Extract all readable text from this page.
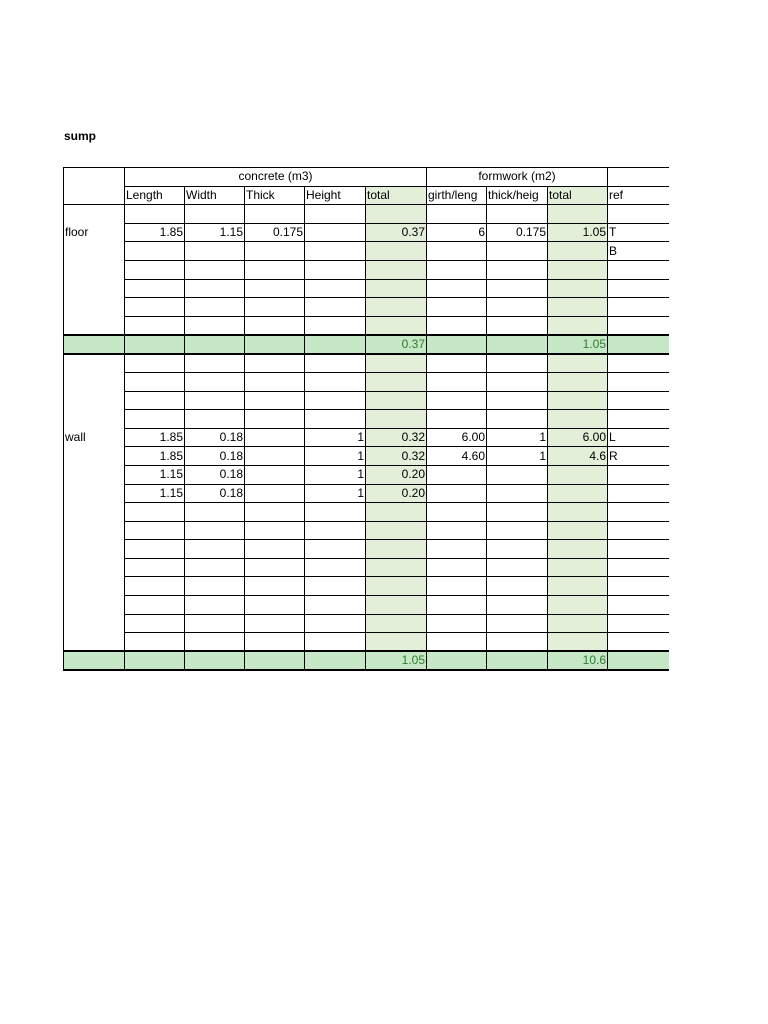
sump
	concrete (m3)					formwork (m2)			
	Length	Width	Thick	Height	total	girth/leng	thick/heig	total	ref

floor	1.85	1.15	0.175		0.37	6	0.175	1.05	T
									B

					0.37			1.05	

wall	1.85	0.18		1	0.32	6.00	1	6.00	L
	1.85	0.18		1	0.32	4.60	1	4.6	R
	1.15	0.18		1	0.20				
	1.15	0.18		1	0.20				

					1.05			10.6	
